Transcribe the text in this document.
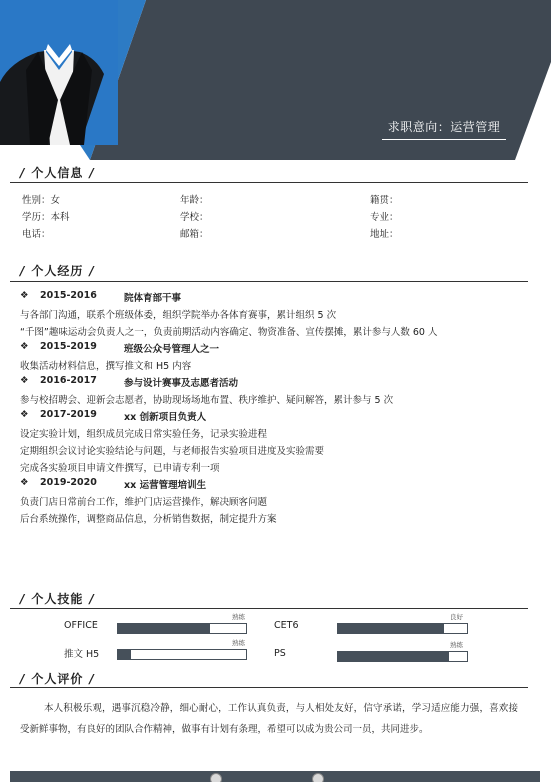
求职意向：运营管理
/ 个人信息 /
性别：女	年龄：	籍贯：
学历：本科	学校：	专业：
电话：	邮箱：	地址：
/ 个人经历 /
❖ 2015-2016	院体育部干事
与各部门沟通，联系个班级体委，组织学院举办各体育赛事，累计组织 5 次
“千图”趣味运动会负责人之一，负责前期活动内容确定、物资准备、宣传摆摊，累计参与人数 60 人
❖ 2015-2019	班级公众号管理人之一
收集活动材料信息，撰写推文和 H5 内容
❖ 2016-2017	参与设计赛事及志愿者活动
参与校招聘会、迎新会志愿者，协助现场场地布置、秩序维护、疑问解答，累计参与 5 次
❖ 2017-2019	xx 创新项目负责人
设定实验计划，组织成员完成日常实验任务，记录实验进程
定期组织会议讨论实验结论与问题，与老师报告实验项目进度及实验需要
完成各实验项目申请文件撰写，已申请专利一项
❖ 2019-2020	xx 运营管理培训生
负责门店日常前台工作，维护门店运营操作，解决顾客问题
后台系统操作，调整商品信息，分析销售数据，制定提升方案
/ 个人技能 /
OFFICE
熟练
CET6
良好
推文 H5
熟练
PS
熟练
/ 个人评价 /
本人积极乐观，遇事沉稳冷静，细心耐心，工作认真负责，与人相处友好，信守承诺，学习适应能力强，喜欢接受新鲜事物，有良好的团队合作精神，做事有计划有条理，希望可以成为贵公司一员，共同进步。
